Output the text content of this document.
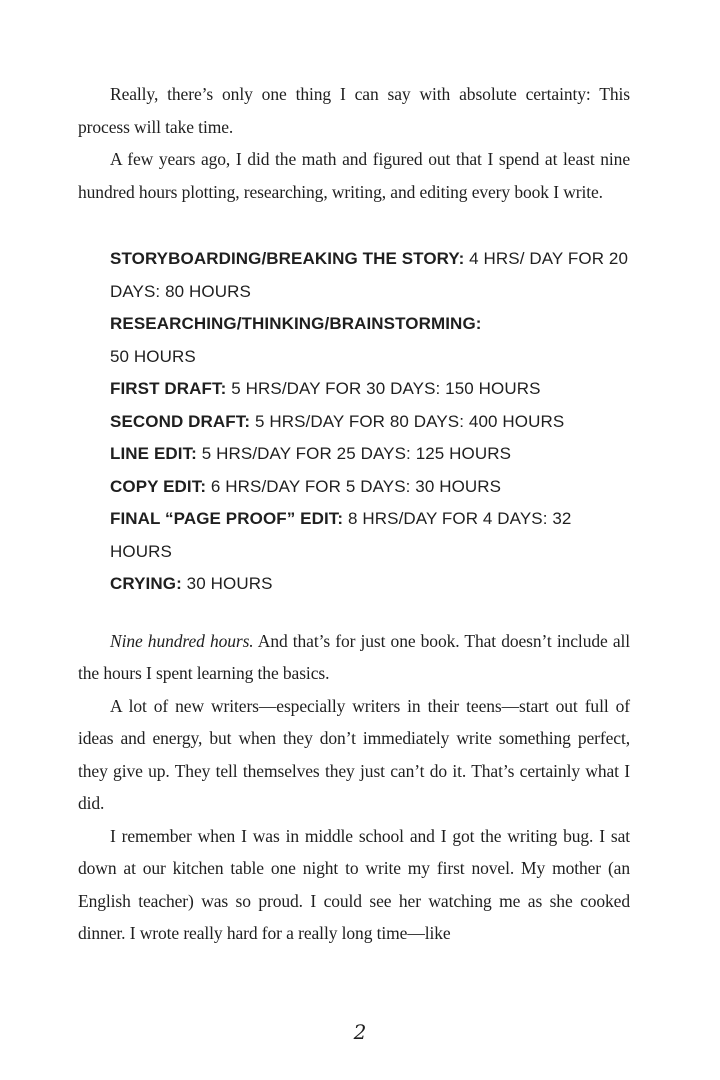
Really, there’s only one thing I can say with absolute certainty: This process will take time.

A few years ago, I did the math and figured out that I spend at least nine hundred hours plotting, researching, writing, and editing every book I write.

STORYBOARDING/BREAKING THE STORY: 4 HRS/ DAY FOR 20 DAYS: 80 HOURS

RESEARCHING/THINKING/BRAINSTORMING:
50 HOURS

FIRST DRAFT: 5 HRS/DAY FOR 30 DAYS: 150 HOURS

SECOND DRAFT: 5 HRS/DAY FOR 80 DAYS: 400 HOURS

LINE EDIT: 5 HRS/DAY FOR 25 DAYS: 125 HOURS

COPY EDIT: 6 HRS/DAY FOR 5 DAYS: 30 HOURS

FINAL “PAGE PROOF” EDIT: 8 HRS/DAY FOR 4 DAYS: 32 HOURS

CRYING: 30 HOURS

Nine hundred hours. And that’s for just one book. That doesn’t include all the hours I spent learning the basics.

A lot of new writers—especially writers in their teens—start out full of ideas and energy, but when they don’t immediately write something perfect, they give up. They tell themselves they just can’t do it. That’s certainly what I did.

I remember when I was in middle school and I got the writing bug. I sat down at our kitchen table one night to write my first novel. My mother (an English teacher) was so proud. I could see her watching me as she cooked dinner. I wrote really hard for a really long time—like

2
